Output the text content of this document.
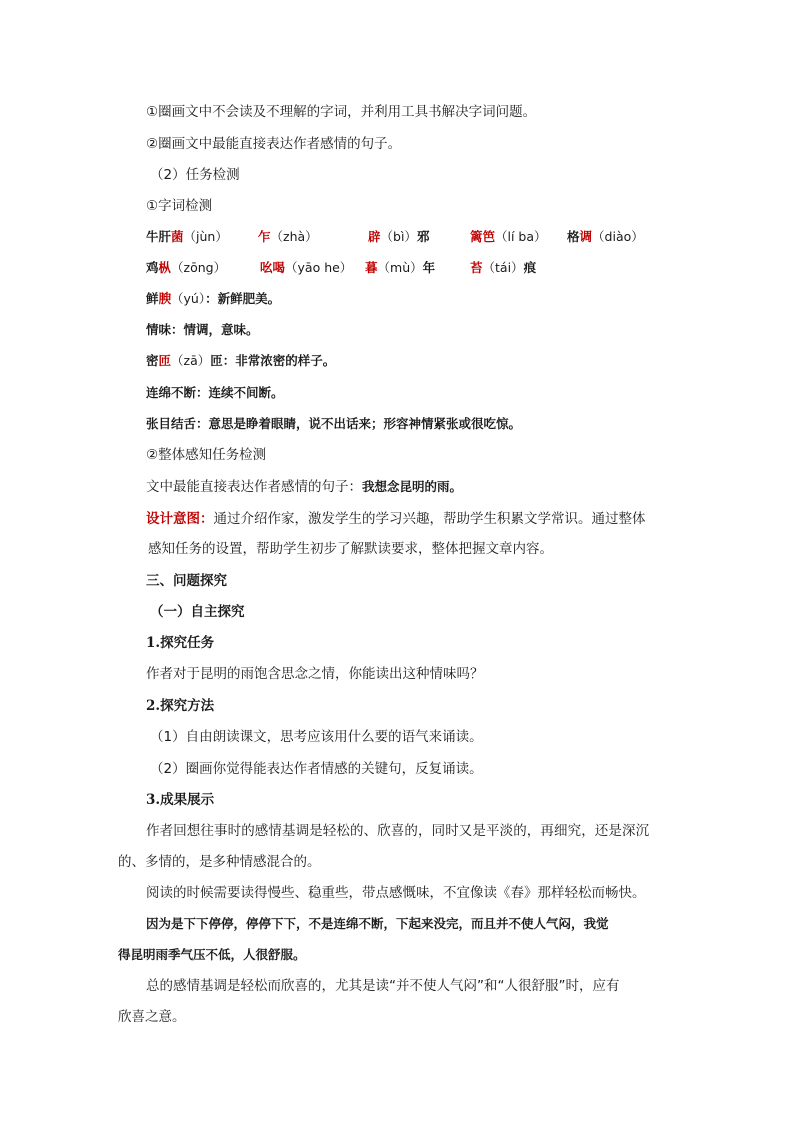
①圈画文中不会读及不理解的字词，并利用工具书解决字词问题。
②圈画文中最能直接表达作者感情的句子。
（2）任务检测
①字词检测
牛肝菌（jùn） 乍（zhà）	辟（bì）邪	篱笆（lí ba） 格调（diào）
鸡枞（zōng）	吆喝（yāo he） 暮（mù）年	苔（tái）痕
鲜腴（yú）：新鲜肥美。
情味：情调，意味。
密匝（zā）匝：非常浓密的样子。
连绵不断：连续不间断。
张目结舌：意思是睁着眼睛，说不出话来；形容神情紧张或很吃惊。
②整体感知任务检测
文中最能直接表达作者感情的句子：我想念昆明的雨。
设计意图：通过介绍作家，激发学生的学习兴趣，帮助学生积累文学常识。通过整体
感知任务的设置，帮助学生初步了解默读要求，整体把握文章内容。
三、问题探究
（一）自主探究
1.探究任务
作者对于昆明的雨饱含思念之情，你能读出这种情味吗？
2.探究方法
（1）自由朗读课文，思考应该用什么要的语气来诵读。
（2）圈画你觉得能表达作者情感的关键句，反复诵读。
3.成果展示
作者回想往事时的感情基调是轻松的、欣喜的，同时又是平淡的，再细究，还是深沉
的、多情的，是多种情感混合的。
阅读的时候需要读得慢些、稳重些，带点感慨味，不宜像读《春》那样轻松而畅快。
因为是下下停停，停停下下，不是连绵不断，下起来没完，而且并不使人气闷，我觉
得昆明雨季气压不低，人很舒服。
总的感情基调是轻松而欣喜的，尤其是读“并不使人气闷”和“人很舒服”时，应有
欣喜之意。
